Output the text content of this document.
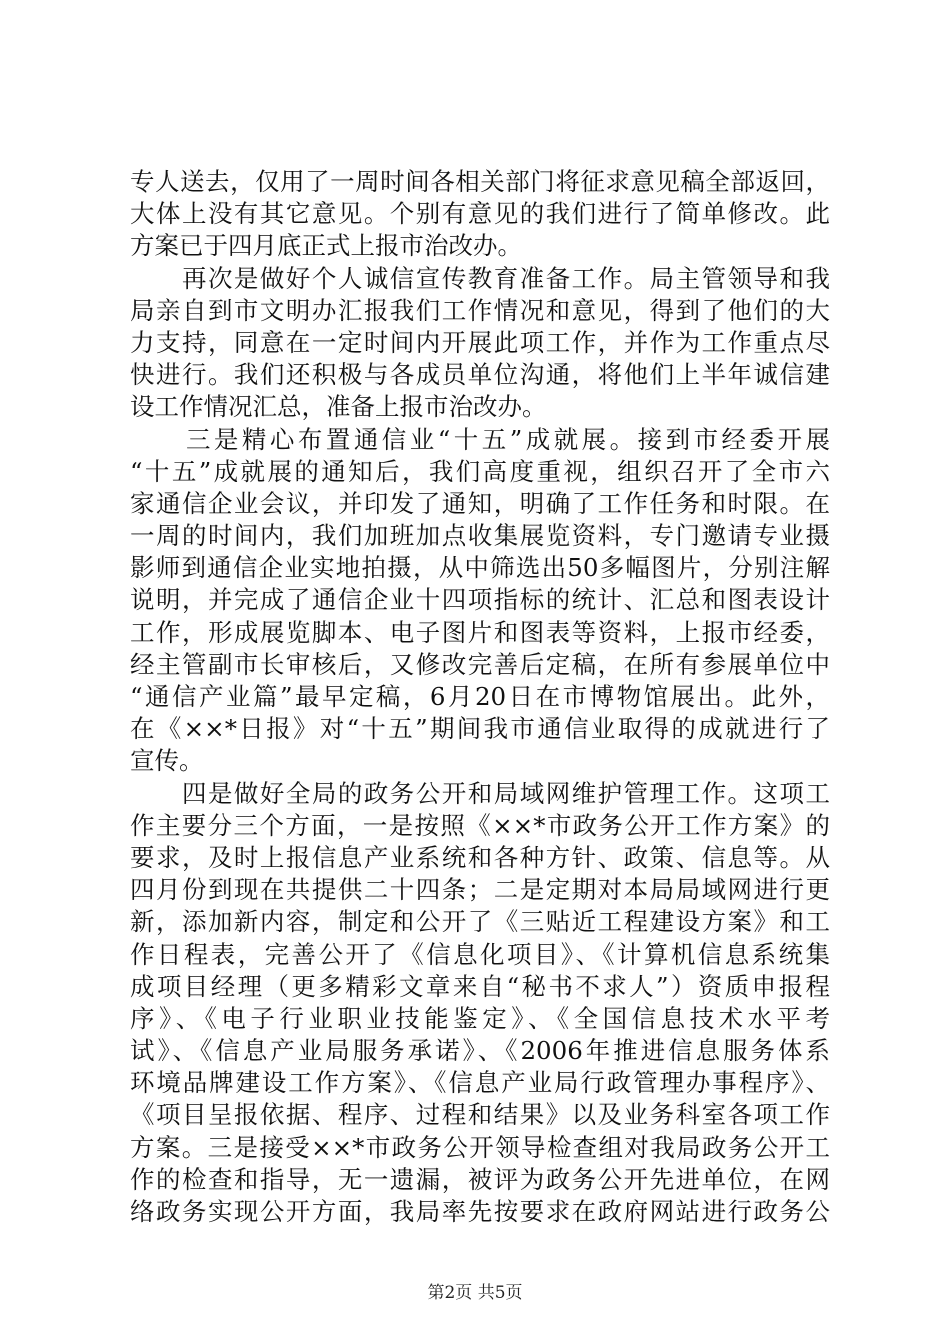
专人送去，仅用了一周时间各相关部门将征求意见稿全部返回，
大体上没有其它意见。个别有意见的我们进行了简单修改。此
方案已于四月底正式上报市治改办。
　　再次是做好个人诚信宣传教育准备工作。局主管领导和我
局亲自到市文明办汇报我们工作情况和意见，得到了他们的大
力支持，同意在一定时间内开展此项工作，并作为工作重点尽
快进行。我们还积极与各成员单位沟通，将他们上半年诚信建
设工作情况汇总，准备上报市治改办。
　　三是精心布置通信业“十五”成就展。接到市经委开展
“十五”成就展的通知后，我们高度重视，组织召开了全市六
家通信企业会议，并印发了通知，明确了工作任务和时限。在
一周的时间内，我们加班加点收集展览资料，专门邀请专业摄
影师到通信企业实地拍摄，从中筛选出50多幅图片，分别注解
说明，并完成了通信企业十四项指标的统计、汇总和图表设计
工作，形成展览脚本、电子图片和图表等资料，上报市经委，
经主管副市长审核后，又修改完善后定稿，在所有参展单位中
“通信产业篇”最早定稿，6月20日在市博物馆展出。此外，
在《××*日报》对“十五”期间我市通信业取得的成就进行了
宣传。
　　四是做好全局的政务公开和局域网维护管理工作。这项工
作主要分三个方面，一是按照《××*市政务公开工作方案》的
要求，及时上报信息产业系统和各种方针、政策、信息等。从
四月份到现在共提供二十四条；二是定期对本局局域网进行更
新，添加新内容，制定和公开了《三贴近工程建设方案》和工
作日程表，完善公开了《信息化项目》、《计算机信息系统集
成项目经理（更多精彩文章来自“秘书不求人”）资质申报程
序》、《电子行业职业技能鉴定》、《全国信息技术水平考
试》、《信息产业局服务承诺》、《2006年推进信息服务体系
环境品牌建设工作方案》、《信息产业局行政管理办事程序》、
《项目呈报依据、程序、过程和结果》以及业务科室各项工作
方案。三是接受××*市政务公开领导检查组对我局政务公开工
作的检查和指导，无一遗漏，被评为政务公开先进单位，在网
络政务实现公开方面，我局率先按要求在政府网站进行政务公
第2页 共5页
